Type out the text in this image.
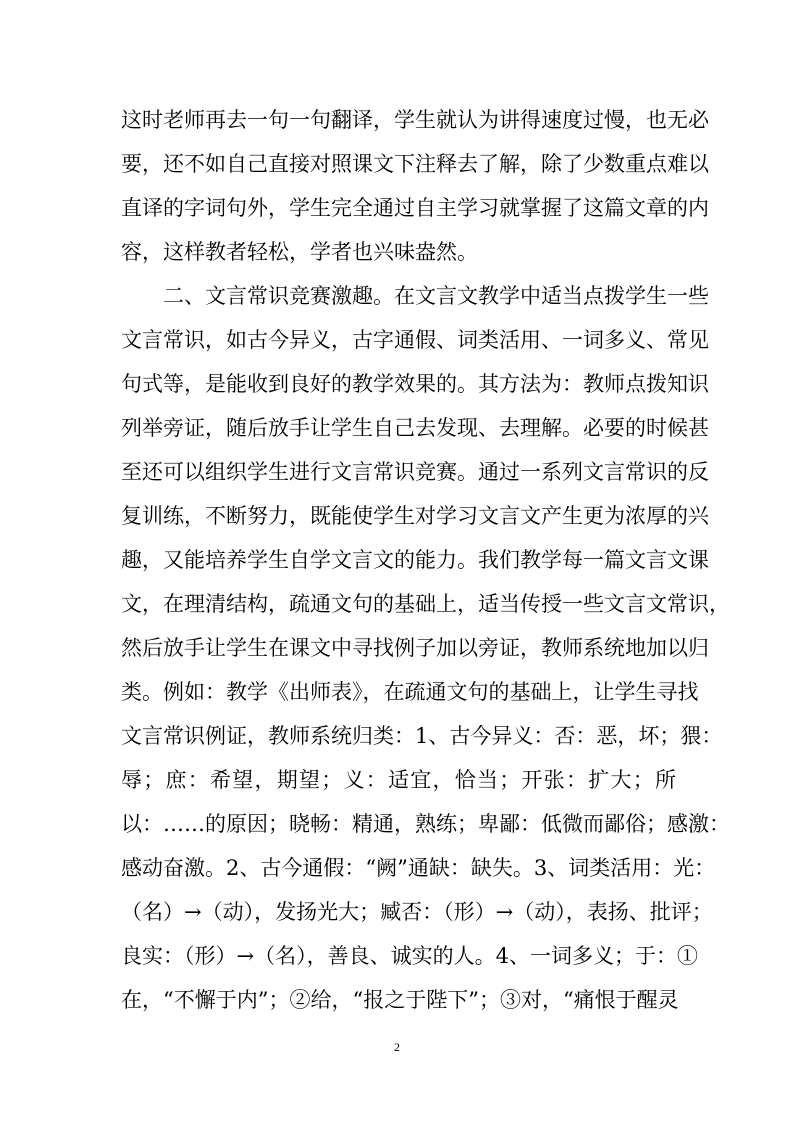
这时老师再去一句一句翻译，学生就认为讲得速度过慢，也无必
要，还不如自己直接对照课文下注释去了解，除了少数重点难以
直译的字词句外，学生完全通过自主学习就掌握了这篇文章的内
容，这样教者轻松，学者也兴味盎然。
　　二、文言常识竞赛激趣。在文言文教学中适当点拨学生一些
文言常识，如古今异义，古字通假、词类活用、一词多义、常见
句式等，是能收到良好的教学效果的。其方法为：教师点拨知识
列举旁证，随后放手让学生自己去发现、去理解。必要的时候甚
至还可以组织学生进行文言常识竞赛。通过一系列文言常识的反
复训练，不断努力，既能使学生对学习文言文产生更为浓厚的兴
趣，又能培养学生自学文言文的能力。我们教学每一篇文言文课
文，在理清结构，疏通文句的基础上，适当传授一些文言文常识，
然后放手让学生在课文中寻找例子加以旁证，教师系统地加以归
类。例如：教学《出师表》，在疏通文句的基础上，让学生寻找
文言常识例证，教师系统归类：1、古今异义：否：恶，坏；猥：
辱；庶：希望，期望；义：适宜，恰当；开张：扩大；所
以：……的原因；晓畅：精通，熟练；卑鄙：低微而鄙俗；感激：
感动奋激。2、古今通假：“阙”通缺：缺失。3、词类活用：光：
（名）→（动），发扬光大；臧否：（形）→（动），表扬、批评；
良实：（形）→（名），善良、诚实的人。4、一词多义；于：①
在，“不懈于内”；②给，“报之于陛下”；③对，“痛恨于醒灵
2
